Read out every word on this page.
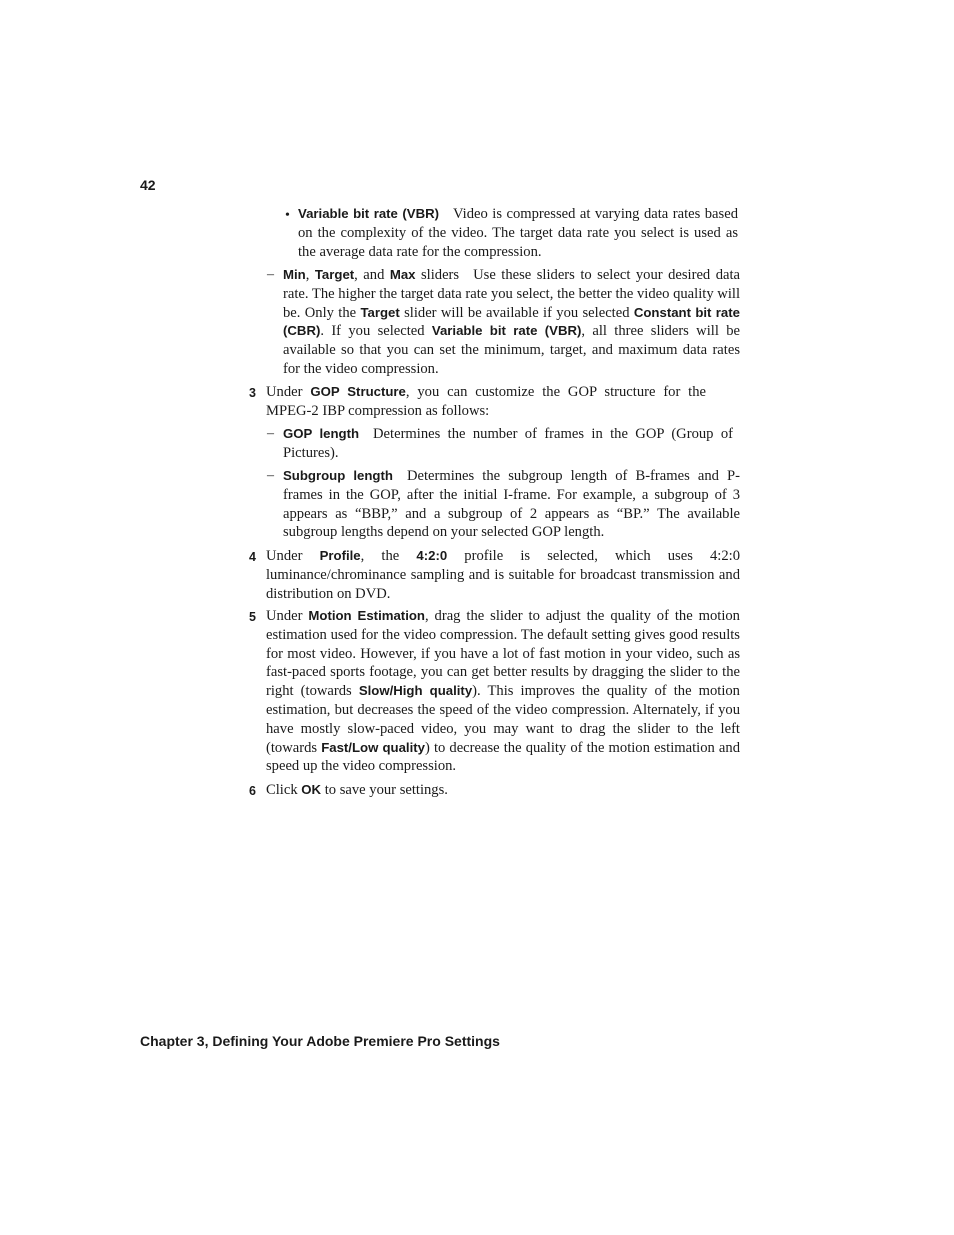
42
• Variable bit rate (VBR) Video is compressed at varying data rates based on the complexity of the video. The target data rate you select is used as the average data rate for the compression.
– Min, Target, and Max sliders Use these sliders to select your desired data rate. The higher the target data rate you select, the better the video quality will be. Only the Target slider will be available if you selected Constant bit rate (CBR). If you selected Variable bit rate (VBR), all three sliders will be available so that you can set the minimum, target, and maximum data rates for the video compression.
3 Under GOP Structure, you can customize the GOP structure for the MPEG-2 IBP compression as follows:
– GOP length Determines the number of frames in the GOP (Group of Pictures).
– Subgroup length Determines the subgroup length of B-frames and P-frames in the GOP, after the initial I-frame. For example, a subgroup of 3 appears as “BBP,” and a subgroup of 2 appears as “BP.” The available subgroup lengths depend on your selected GOP length.
4 Under Profile, the 4:2:0 profile is selected, which uses 4:2:0 luminance/chrominance sampling and is suitable for broadcast transmission and distribution on DVD.
5 Under Motion Estimation, drag the slider to adjust the quality of the motion estimation used for the video compression. The default setting gives good results for most video. However, if you have a lot of fast motion in your video, such as fast-paced sports footage, you can get better results by dragging the slider to the right (towards Slow/High quality). This improves the quality of the motion estimation, but decreases the speed of the video compression. Alternately, if you have mostly slow-paced video, you may want to drag the slider to the left (towards Fast/Low quality) to decrease the quality of the motion estimation and speed up the video compression.
6 Click OK to save your settings.
Chapter 3, Defining Your Adobe Premiere Pro Settings
